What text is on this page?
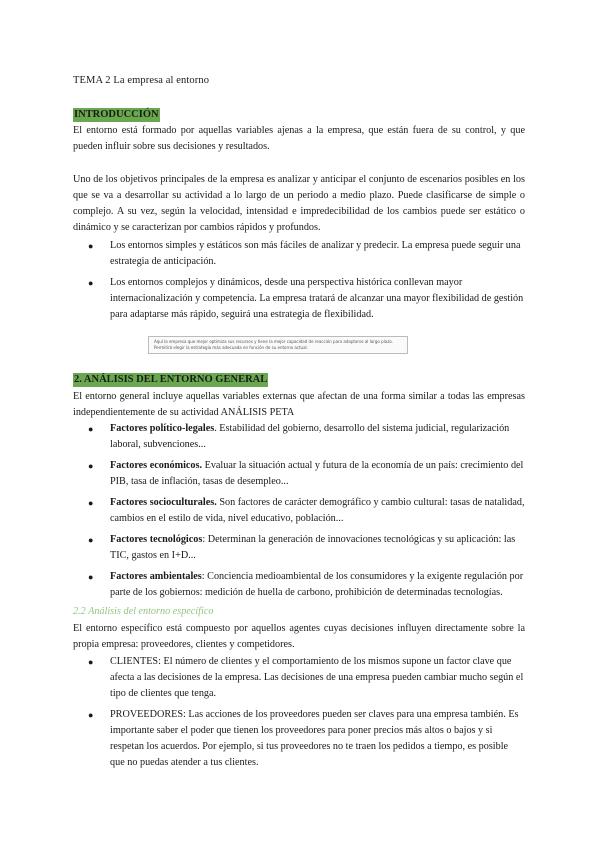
TEMA 2 La empresa al entorno
INTRODUCCIÓN
El entorno está formado por aquellas variables ajenas a la empresa, que están fuera de su control, y que pueden influir sobre sus decisiones y resultados.
Uno de los objetivos principales de la empresa es analizar y anticipar el conjunto de escenarios posibles en los que se va a desarrollar su actividad a lo largo de un periodo a medio plazo. Puede clasificarse de simple o complejo. A su vez, según la velocidad, intensidad e impredecibilidad de los cambios puede ser estático o dinámico y se caracterizan por cambios rápidos y profundos.
● Los entornos simples y estáticos son más fáciles de analizar y predecir. La empresa puede seguir una estrategia de anticipación.
● Los entornos complejos y dinámicos, desde una perspectiva histórica conllevan mayor internacionalización y competencia. La empresa tratará de alcanzar una mayor flexibilidad de gestión para adaptarse más rápido, seguirá una estrategia de flexibilidad.
Aquí la empresa que mejor optimiza sus recursos y tiene la mejor capacidad de reacción para adaptarse al largo plazo. Permitirá elegir la estrategia más adecuada en función de su entorno actual.
2. ANÁLISIS DEL ENTORNO GENERAL
El entorno general incluye aquellas variables externas que afectan de una forma similar a todas las empresas independientemente de su actividad ANÁLISIS PETA
● Factores político-legales. Estabilidad del gobierno, desarrollo del sistema judicial, regularización laboral, subvenciones...
● Factores económicos. Evaluar la situación actual y futura de la economía de un país: crecimiento del PIB, tasa de inflación, tasas de desempleo...
● Factores socioculturales. Son factores de carácter demográfico y cambio cultural: tasas de natalidad, cambios en el estilo de vida, nivel educativo, población...
● Factores tecnológicos: Determinan la generación de innovaciones tecnológicas y su aplicación: las TIC, gastos en I+D...
● Factores ambientales: Conciencia medioambiental de los consumidores y la exigente regulación por parte de los gobiernos: medición de huella de carbono, prohibición de determinadas tecnologías.
2.2 Análisis del entorno específico
El entorno específico está compuesto por aquellos agentes cuyas decisiones influyen directamente sobre la propia empresa: proveedores, clientes y competidores.
● CLIENTES: El número de clientes y el comportamiento de los mismos supone un factor clave que afecta a las decisiones de la empresa. Las decisiones de una empresa pueden cambiar mucho según el tipo de clientes que tenga.
● PROVEEDORES: Las acciones de los proveedores pueden ser claves para una empresa también. Es importante saber el poder que tienen los proveedores para poner precios más altos o bajos y si respetan los acuerdos. Por ejemplo, si tus proveedores no te traen los pedidos a tiempo, es posible que no puedas atender a tus clientes.
